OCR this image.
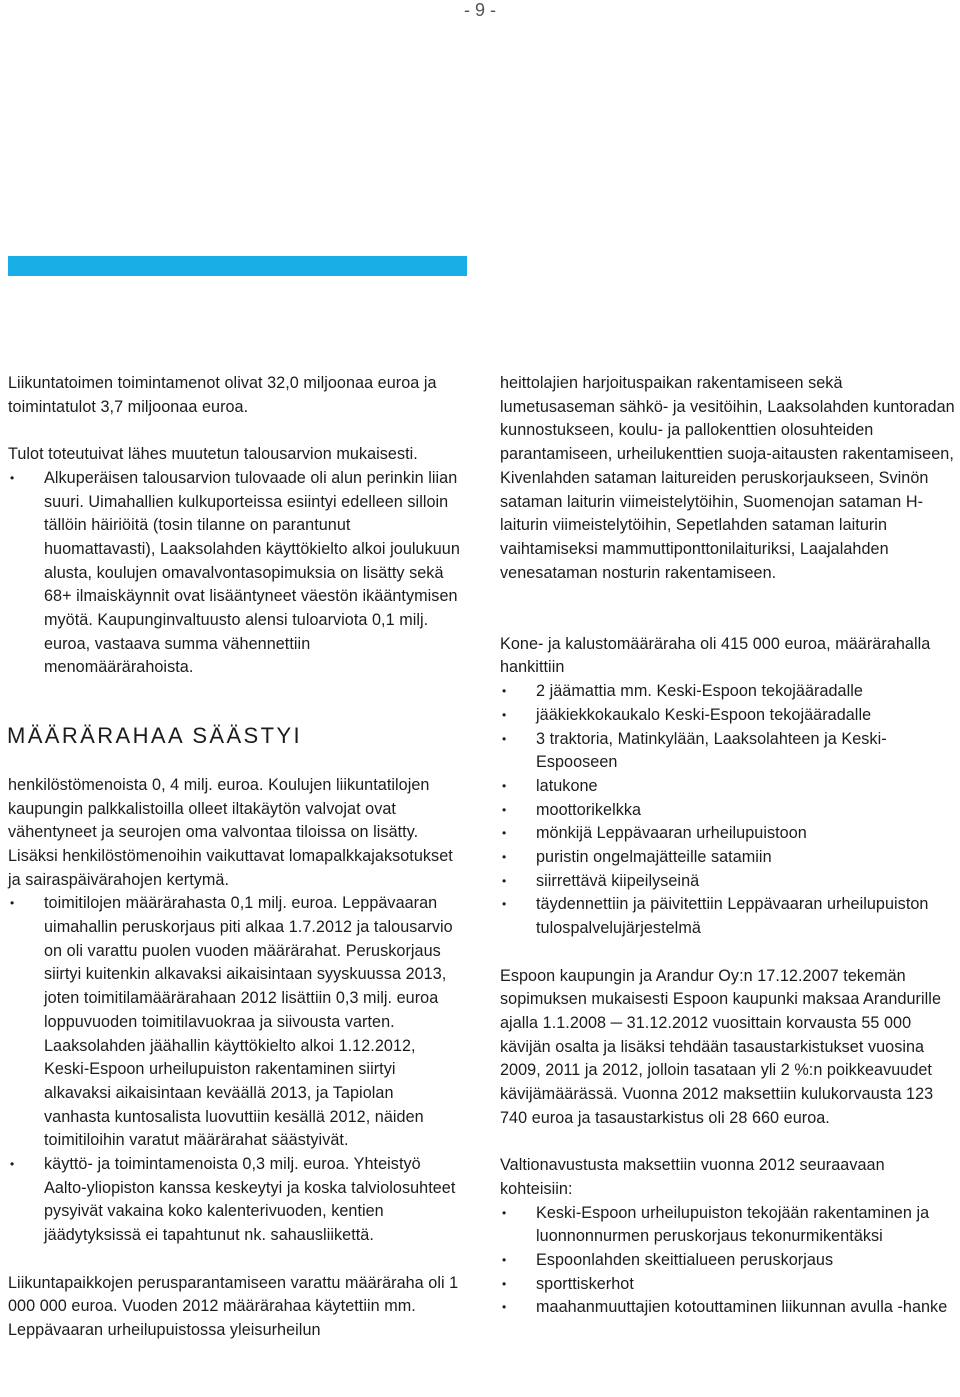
- 9 -

Liikuntatoimen toimintamenot olivat 32,0 miljoonaa euroa ja toimintatulot 3,7 miljoonaa euroa.

Tulot toteutuivat lähes muutetun talousarvion mukaisesti.

• Alkuperäisen talousarvion tulovaade oli alun perinkin liian suuri. Uimahallien kulkuporteissa esiintyi edelleen silloin tällöin häiriöitä (tosin tilanne on parantunut huomattavasti), Laaksolahden käyttökielto alkoi joulukuun alusta, koulujen omavalvontasopimuksia on lisätty sekä 68+ ilmaiskäynnit ovat lisääntyneet väestön ikääntymisen myötä. Kaupunginvaltuusto alensi tuloarviota 0,1 milj. euroa, vastaava summa vähennettiin menomäärärahoista.
MÄÄRÄRAHAA SÄÄSTYI

henkilöstömenoista 0, 4 milj. euroa. Koulujen liikuntatilojen kaupungin palkkalistoilla olleet iltakäytön valvojat ovat vähentyneet ja seurojen oma valvontaa tiloissa on lisätty. Lisäksi henkilöstömenoihin vaikuttavat lomapalkkajaksotukset ja sairaspäivärahojen kertymä.

• toimitilojen määrärahasta 0,1 milj. euroa. Leppävaaran uimahallin peruskorjaus piti alkaa 1.7.2012 ja talousarvio on oli varattu puolen vuoden määrärahat. Peruskorjaus siirtyi kuitenkin alkavaksi aikaisintaan syyskuussa 2013, joten toimitilamäärärahaan 2012 lisättiin 0,3 milj. euroa loppuvuoden toimitilavuokraa ja siivousta varten. Laaksolahden jäähallin käyttökielto alkoi 1.12.2012, Keski-Espoon urheilupuiston rakentaminen siirtyi alkavaksi aikaisintaan keväällä 2013, ja Tapiolan vanhasta kuntosalista luovuttiin kesällä 2012, näiden toimitiloihin varatut määrärahat säästyivät.
• käyttö- ja toimintamenoista 0,3 milj. euroa. Yhteistyö Aalto-yliopiston kanssa keskeytyi ja koska talviolosuhteet pysyivät vakaina koko kalenterivuoden, kentien jäädytyksissä ei tapahtunut nk. sahausliikettä.

Liikuntapaikkojen perusparantamiseen varattu määräraha oli 1 000 000 euroa. Vuoden 2012 määrärahaa käytettiin mm. Leppävaaran urheilupuistossa yleisurheilun

heittolajien harjoituspaikan rakentamiseen sekä lumetusaseman sähkö- ja vesitöihin, Laaksolahden kuntoradan kunnostukseen, koulu- ja pallokenttien olosuhteiden parantamiseen, urheilukenttien suoja-aitausten rakentamiseen, Kivenlahden sataman laitureiden peruskorjaukseen, Svinön sataman laiturin viimeistelytöihin, Suomenojan sataman H-laiturin viimeistelytöihin, Sepetlahden sataman laiturin vaihtamiseksi mammuttiponttonilaituriksi, Laajalahden venesataman nosturin rakentamiseen.

Kone- ja kalustomääräraha oli 415 000 euroa, määrärahalla hankittiin

• 2 jäämattia mm. Keski-Espoon tekojääradalle
• jääkiekkokaukalo Keski-Espoon tekojääradalle
• 3 traktoria, Matinkylään, Laaksolahteen ja Keski-Espooseen
• latukone
• moottorikelkka
• mönkijä Leppävaaran urheilupuistoon
• puristin ongelmajätteille satamiin
• siirrettävä kiipeilyseinä
• täydennettiin ja päivitettiin Leppävaaran urheilupuiston tulospalvelujärjestelmä

Espoon kaupungin ja Arandur Oy:n 17.12.2007 tekemän sopimuksen mukaisesti Espoon kaupunki maksaa Arandurille ajalla 1.1.2008 ─ 31.12.2012 vuosittain korvausta 55 000 kävijän osalta ja lisäksi tehdään tasaustarkistukset vuosina 2009, 2011 ja 2012, jolloin tasataan yli 2 %:n poikkeavuudet kävijämäärässä. Vuonna 2012 maksettiin kulukorvausta 123 740 euroa ja tasaustarkistus oli 28 660 euroa.

Valtionavustusta maksettiin vuonna 2012 seuraavaan kohteisiin:

• Keski-Espoon urheilupuiston tekojään rakentaminen ja luonnonnurmen peruskorjaus tekonurmikentäksi
• Espoonlahden skeittialueen peruskorjaus
• sporttiskerhot
• maahanmuuttajien kotouttaminen liikunnan avulla -hanke
